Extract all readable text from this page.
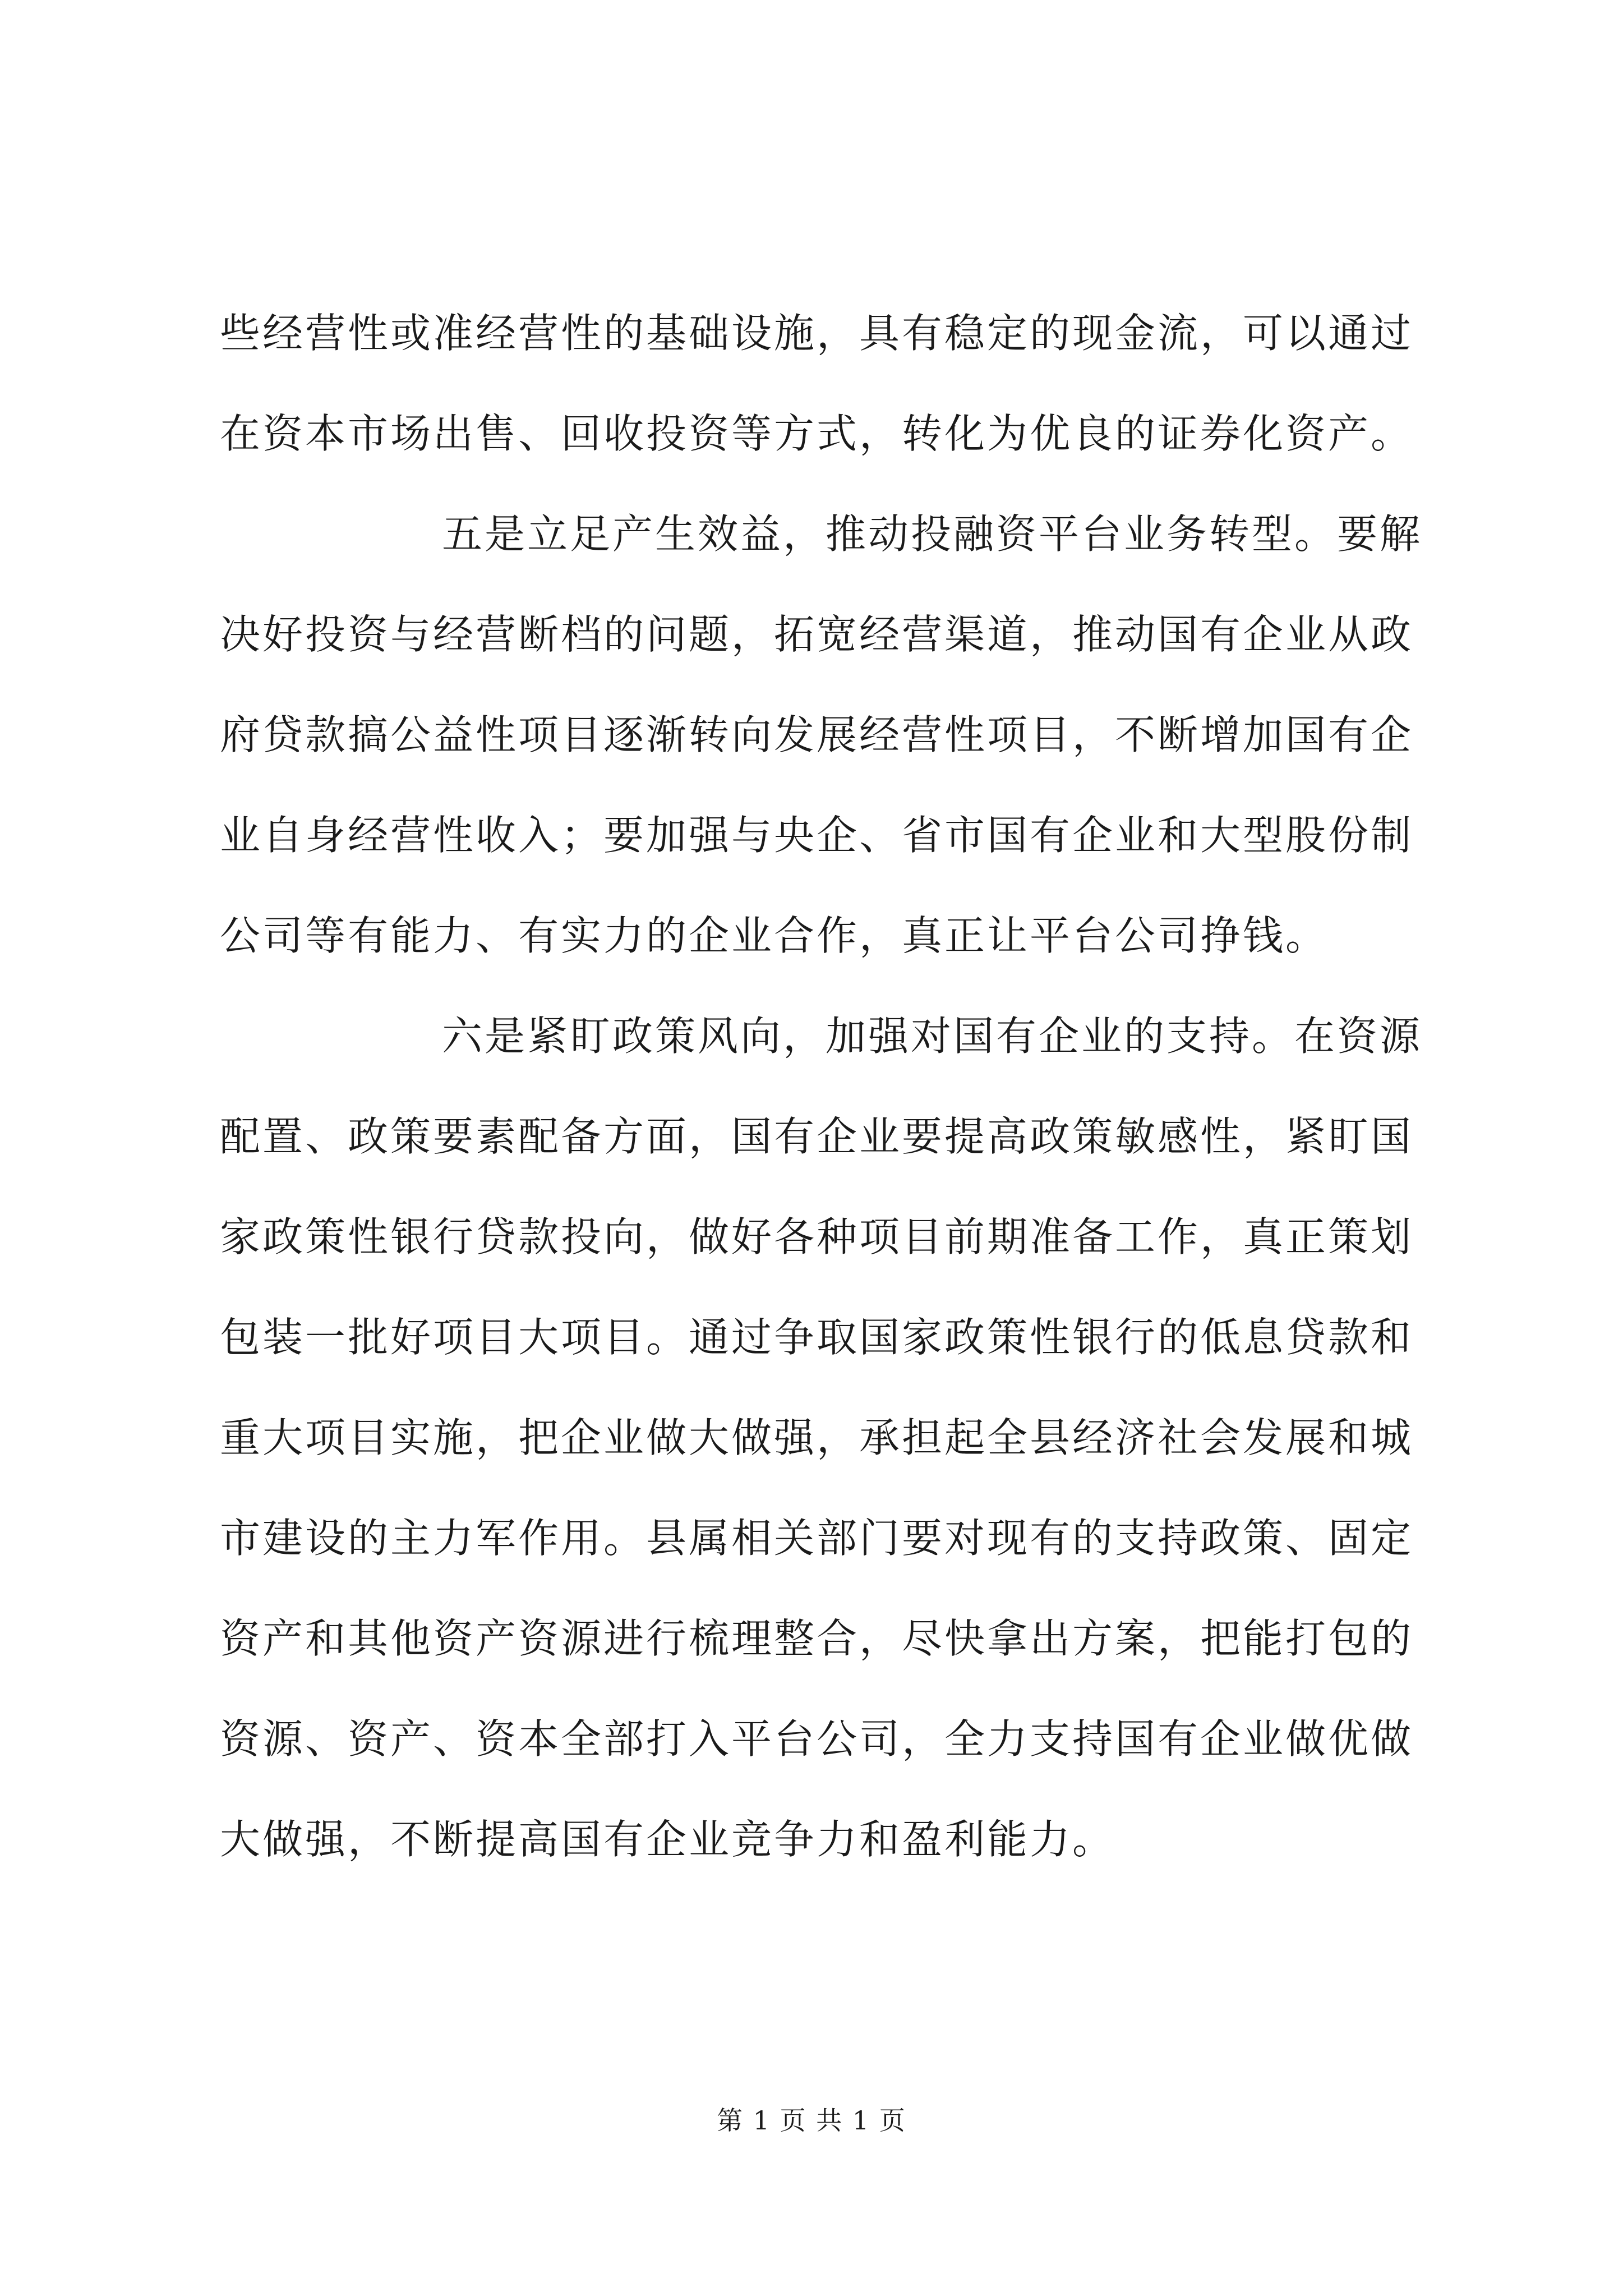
些经营性或准经营性的基础设施，具有稳定的现金流，可以通过
在资本市场出售、回收投资等方式，转化为优良的证券化资产。
五是立足产生效益，推动投融资平台业务转型。要解
决好投资与经营断档的问题，拓宽经营渠道，推动国有企业从政
府贷款搞公益性项目逐渐转向发展经营性项目，不断增加国有企
业自身经营性收入；要加强与央企、省市国有企业和大型股份制
公司等有能力、有实力的企业合作，真正让平台公司挣钱。
六是紧盯政策风向，加强对国有企业的支持。在资源
配置、政策要素配备方面，国有企业要提高政策敏感性，紧盯国
家政策性银行贷款投向，做好各种项目前期准备工作，真正策划
包装一批好项目大项目。通过争取国家政策性银行的低息贷款和
重大项目实施，把企业做大做强，承担起全县经济社会发展和城
市建设的主力军作用。县属相关部门要对现有的支持政策、固定
资产和其他资产资源进行梳理整合，尽快拿出方案，把能打包的
资源、资产、资本全部打入平台公司，全力支持国有企业做优做
大做强，不断提高国有企业竞争力和盈利能力。
第 1 页 共 1 页
